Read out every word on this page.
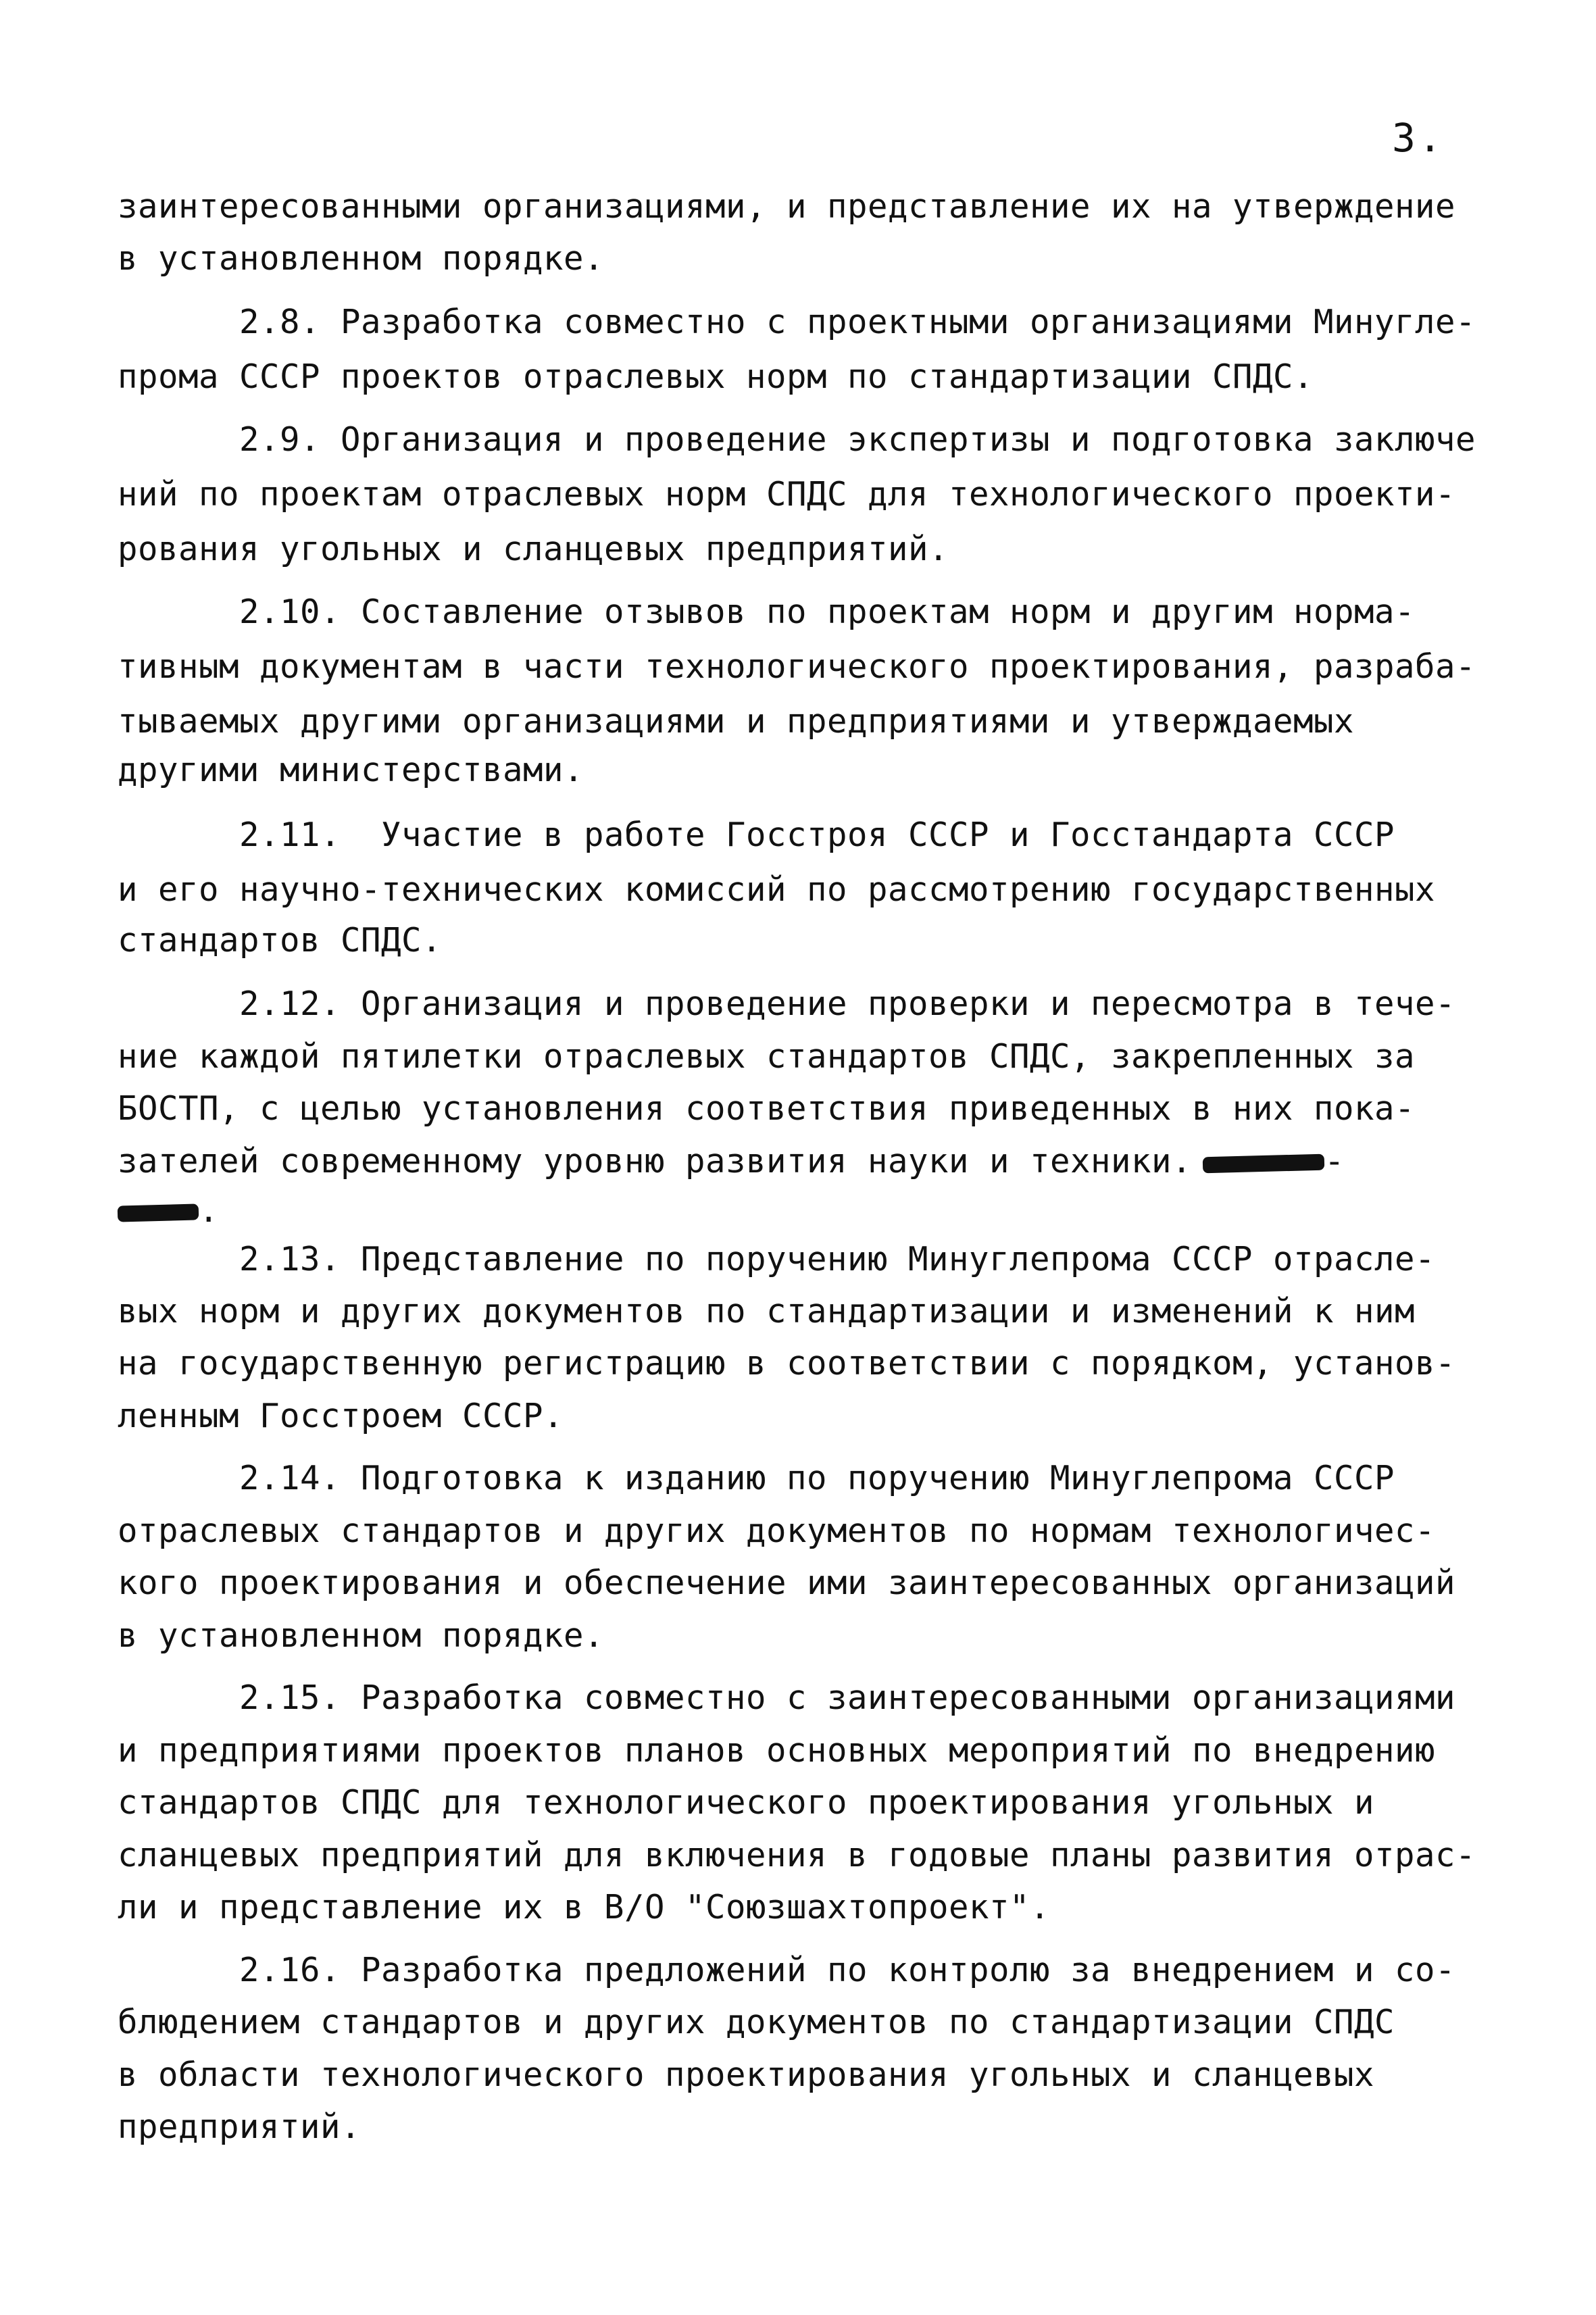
3.

заинтересованными организациями, и представление их на утверждение

в установленном порядке.

2.8. Разработка совместно с проектными организациями Минугле-

прома СССР проектов отраслевых норм по стандартизации СПДС.

2.9. Организация и проведение экспертизы и подготовка заключе

ний по проектам отраслевых норм СПДС для технологического проекти-

рования угольных и сланцевых предприятий.

2.10. Составление отзывов по проектам норм и другим норма-

тивным документам в части технологического проектирования, разраба-

тываемых другими организациями и предприятиями и утверждаемых

другими министерствами.

2.11.  Участие в работе Госстроя СССР и Госстандарта СССР

и его научно-технических комиссий по рассмотрению государственных

стандартов СПДС.

2.12. Организация и проведение проверки и пересмотра в тече-

ние каждой пятилетки отраслевых стандартов СПДС, закрепленных за

БОСТП, с целью установления соответствия приведенных в них пока-

зателей современному уровню развития науки и техники.	-
.

2.13. Представление по поручению Минуглепрома СССР отрасле-

вых норм и других документов по стандартизации и изменений к ним

на государственную регистрацию в соответствии с порядком, установ-

ленным Госстроем СССР.

2.14. Подготовка к изданию по поручению Минуглепрома СССР

отраслевых стандартов и других документов по нормам технологичес-

кого проектирования и обеспечение ими заинтересованных организаций

в установленном порядке.

2.15. Разработка совместно с заинтересованными организациями

и предприятиями проектов планов основных мероприятий по внедрению

стандартов СПДС для технологического проектирования угольных и

сланцевых предприятий для включения в годовые планы развития отрас-

ли и представление их в В/О "Союзшахтопроект".

2.16. Разработка предложений по контролю за внедрением и со-

блюдением стандартов и других документов по стандартизации СПДС

в области технологического проектирования угольных и сланцевых

предприятий.
